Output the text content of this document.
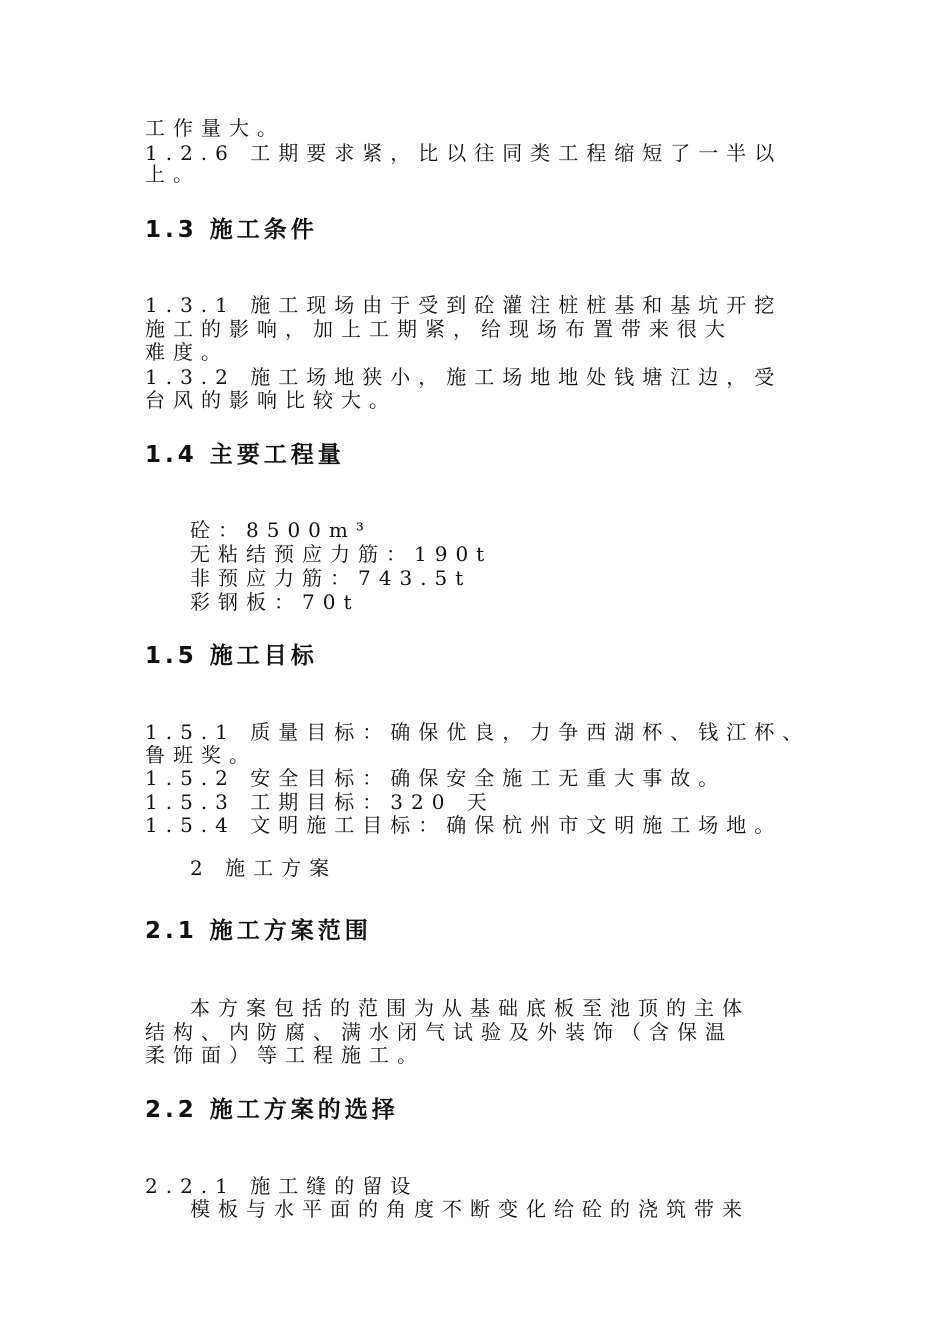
工作量大。
1.2.6 工期要求紧，比以往同类工程缩短了一半以
上。
1.3 施工条件
1.3.1 施工现场由于受到砼灌注桩桩基和基坑开挖
施工的影响，加上工期紧，给现场布置带来很大
难度。
1.3.2 施工场地狭小，施工场地地处钱塘江边，受
台风的影响比较大。
1.4 主要工程量
砼：8500m³
无粘结预应力筋：190t
非预应力筋：743.5t
彩钢板：70t
1.5 施工目标
1.5.1 质量目标：确保优良，力争西湖杯、钱江杯、
鲁班奖。
1.5.2 安全目标：确保安全施工无重大事故。
1.5.3 工期目标：320 天
1.5.4 文明施工目标：确保杭州市文明施工场地。
2 施工方案
2.1 施工方案范围
本方案包括的范围为从基础底板至池顶的主体
结构、内防腐、满水闭气试验及外装饰（含保温
柔饰面）等工程施工。
2.2 施工方案的选择
2.2.1 施工缝的留设
模板与水平面的角度不断变化给砼的浇筑带来
